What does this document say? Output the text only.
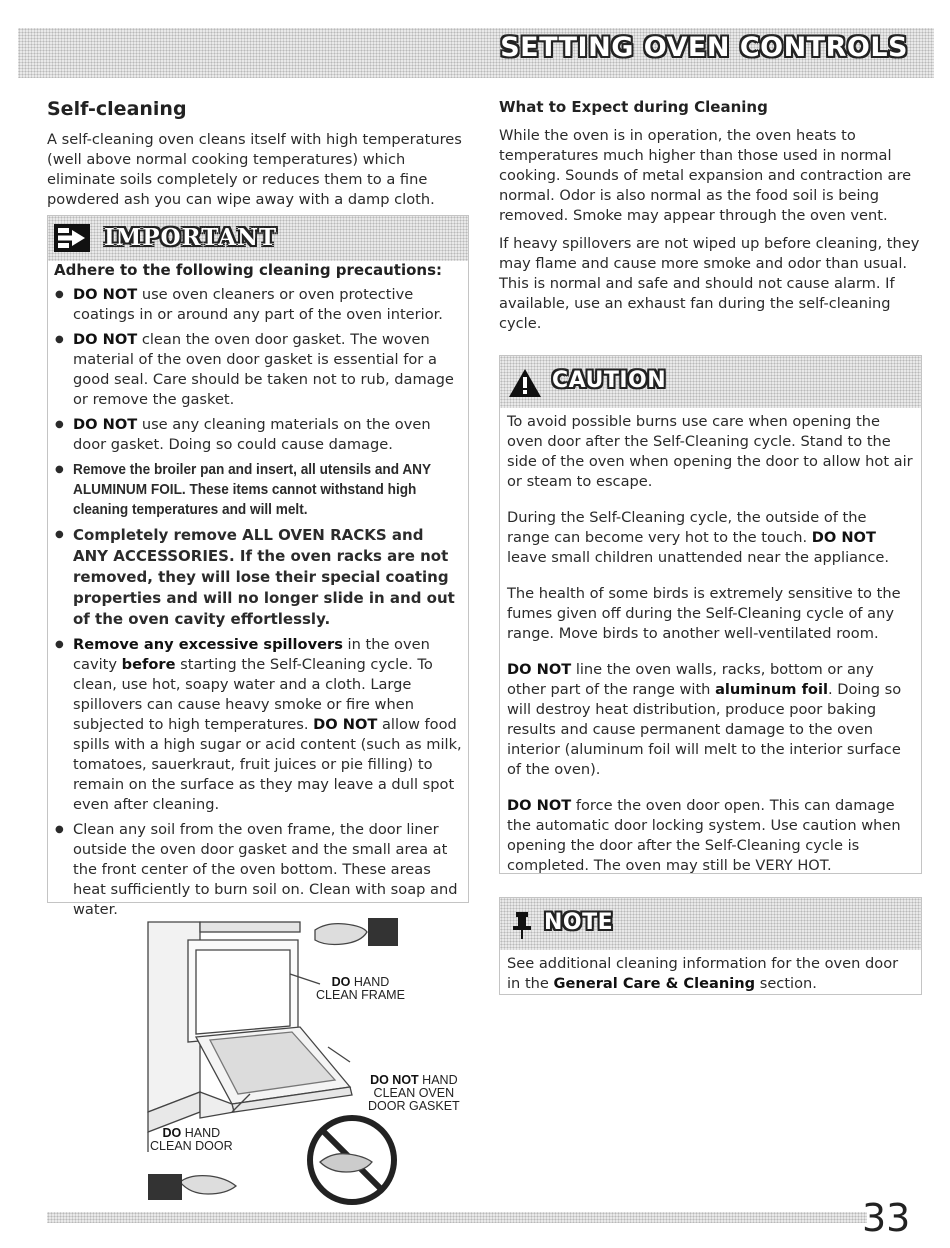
SETTING OVEN CONTROLS
Self-cleaning

A self-cleaning oven cleans itself with high temperatures (well above normal cooking temperatures) which eliminate soils completely or reduces them to a fine powdered ash you can wipe away with a damp cloth.

IMPORTANT

Adhere to the following cleaning precautions:

● DO NOT use oven cleaners or oven protective coatings in or around any part of the oven interior.
● DO NOT clean the oven door gasket. The woven material of the oven door gasket is essential for a good seal. Care should be taken not to rub, damage or remove the gasket.
● DO NOT use any cleaning materials on the oven door gasket. Doing so could cause damage.
● Remove the broiler pan and insert, all utensils and ANY ALUMINUM FOIL. These items cannot withstand high cleaning temperatures and will melt.
● Completely remove ALL OVEN RACKS and ANY ACCESSORIES. If the oven racks are not removed, they will lose their special coating properties and will no longer slide in and out of the oven cavity effortlessly.
● Remove any excessive spillovers in the oven cavity before starting the Self-Cleaning cycle. To clean, use hot, soapy water and a cloth. Large spillovers can cause heavy smoke or fire when subjected to high temperatures. DO NOT allow food spills with a high sugar or acid content (such as milk, tomatoes, sauerkraut, fruit juices or pie filling) to remain on the surface as they may leave a dull spot even after cleaning.
● Clean any soil from the oven frame, the door liner outside the oven door gasket and the small area at the front center of the oven bottom. These areas heat sufficiently to burn soil on. Clean with soap and water.
DO HAND
CLEAN FRAME
DO NOT HAND
CLEAN OVEN
DOOR GASKET
DO HAND
CLEAN DOOR

What to Expect during Cleaning

While the oven is in operation, the oven heats to temperatures much higher than those used in normal cooking. Sounds of metal expansion and contraction are normal. Odor is also normal as the food soil is being removed. Smoke may appear through the oven vent.

If heavy spillovers are not wiped up before cleaning, they may flame and cause more smoke and odor than usual. This is normal and safe and should not cause alarm. If available, use an exhaust fan during the self-cleaning cycle.

CAUTION

To avoid possible burns use care when opening the oven door after the Self-Cleaning cycle. Stand to the side of the oven when opening the door to allow hot air or steam to escape.

During the Self-Cleaning cycle, the outside of the range can become very hot to the touch. DO NOT leave small children unattended near the appliance.

The health of some birds is extremely sensitive to the fumes given off during the Self-Cleaning cycle of any range. Move birds to another well-ventilated room.

DO NOT line the oven walls, racks, bottom or any other part of the range with aluminum foil. Doing so will destroy heat distribution, produce poor baking results and cause permanent damage to the oven interior (aluminum foil will melt to the interior surface of the oven).

DO NOT force the oven door open. This can damage the automatic door locking system. Use caution when opening the door after the Self-Cleaning cycle is completed. The oven may still be VERY HOT.

NOTE

See additional cleaning information for the oven door in the General Care & Cleaning section.

33
